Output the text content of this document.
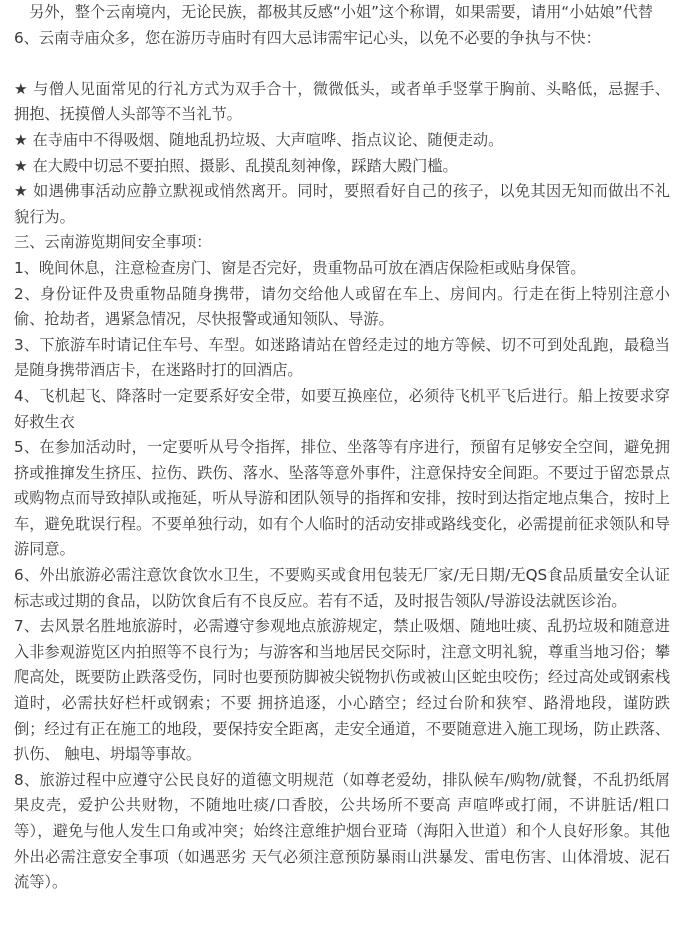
　另外，整个云南境内，无论民族，都极其反感“小姐”这个称谓，如果需要，请用“小姑娘”代替

6、云南寺庙众多，您在游历寺庙时有四大忌讳需牢记心头，以免不必要的争执与不快：

★ 与僧人见面常见的行礼方式为双手合十，微微低头，或者单手竖掌于胸前、头略低，忌握手、拥抱、抚摸僧人头部等不当礼节。

★ 在寺庙中不得吸烟、随地乱扔垃圾、大声喧哗、指点议论、随便走动。

★ 在大殿中切忌不要拍照、摄影、乱摸乱刻神像，踩踏大殿门槛。

★ 如遇佛事活动应静立默视或悄然离开。同时，要照看好自己的孩子，以免其因无知而做出不礼貌行为。

三、云南游览期间安全事项：

1、晚间休息，注意检查房门、窗是否完好，贵重物品可放在酒店保险柜或贴身保管。

2、身份证件及贵重物品随身携带，请勿交给他人或留在车上、房间内。行走在街上特别注意小偷、抢劫者，遇紧急情况，尽快报警或通知领队、导游。

3、下旅游车时请记住车号、车型。如迷路请站在曾经走过的地方等候、切不可到处乱跑，最稳当是随身携带酒店卡，在迷路时打的回酒店。

4、飞机起飞、降落时一定要系好安全带，如要互换座位，必须待飞机平飞后进行。船上按要求穿好救生衣

5、在参加活动时，一定要听从号令指挥，排位、坐落等有序进行，预留有足够安全空间，避免拥挤或推撺发生挤压、拉伤、跌伤、落水、坠落等意外事件，注意保持安全间距。不要过于留恋景点或购物点而导致掉队或拖延，听从导游和团队领导的指挥和安排，按时到达指定地点集合，按时上车，避免耽误行程。不要单独行动，如有个人临时的活动安排或路线变化，必需提前征求领队和导游同意。

6、外出旅游必需注意饮食饮水卫生，不要购买或食用包装无厂家/无日期/无QS食品质量安全认证标志或过期的食品，以防饮食后有不良反应。若有不适，及时报告领队/导游设法就医诊治。

7、去风景名胜地旅游时，必需遵守参观地点旅游规定，禁止吸烟、随地吐痰、乱扔垃圾和随意进入非参观游览区内拍照等不良行为；与游客和当地居民交际时，注意文明礼貌，尊重当地习俗；攀爬高处，既要防止跌落受伤，同时也要预防脚被尖锐物扒伤或被山区蛇虫咬伤；经过高处或钢索栈道时，必需扶好栏杆或钢索；不要 拥挤追逐，小心踏空；经过台阶和狭窄、路滑地段，谨防跌倒；经过有正在施工的地段，要保持安全距离，走安全通道，不要随意进入施工现场，防止跌落、扒伤、 触电、坍塌等事故。

8、旅游过程中应遵守公民良好的道德文明规范（如尊老爱幼，排队候车/购物/就餐，不乱扔纸屑果皮壳，爱护公共财物，不随地吐痰/口香胶，公共场所不要高 声喧哗或打闹，不讲脏话/粗口等），避免与他人发生口角或冲突；始终注意维护烟台亚琦（海阳入世道）和个人良好形象。其他外出必需注意安全事项（如遇恶劣 天气必须注意预防暴雨山洪暴发、雷电伤害、山体滑坡、泥石流等）。
